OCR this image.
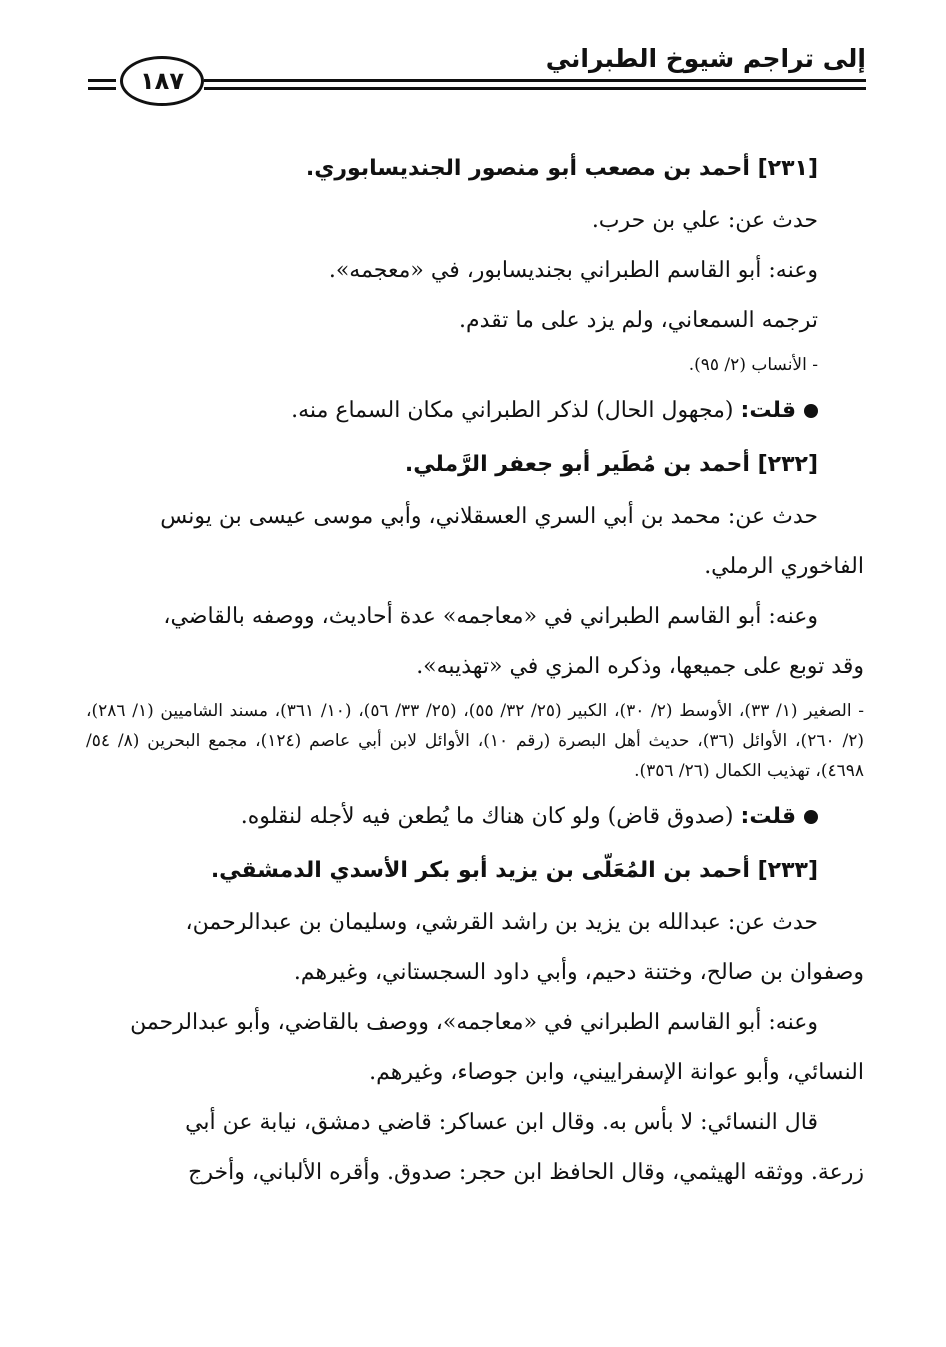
إلى تراجم شيوخ الطبراني
١٨٧

[٢٣١] أحمد بن مصعب أبو منصور الجنديسابوري.

حدث عن: علي بن حرب.

وعنه: أبو القاسم الطبراني بجنديسابور، في «معجمه».

ترجمه السمعاني، ولم يزد على ما تقدم.

- الأنساب (٢/ ٩٥).

قلت: (مجهول الحال) لذكر الطبراني مكان السماع منه.

[٢٣٢] أحمد بن مُطَير أبو جعفر الرَّملي.

حدث عن: محمد بن أبي السري العسقلاني، وأبي موسى عيسى بن يونس

الفاخوري الرملي.

وعنه: أبو القاسم الطبراني في «معاجمه» عدة أحاديث، ووصفه بالقاضي،

وقد توبع على جميعها، وذكره المزي في «تهذيبه».

- الصغير (١/ ٣٣)، الأوسط (٢/ ٣٠)، الكبير (٢٥/ ٣٢/ ٥٥)، (٢٥/ ٣٣/ ٥٦)، (١٠/ ٣٦١)، مسند الشاميين (١/ ٢٨٦)، (٢/ ٢٦٠)، الأوائل (٣٦)، حديث أهل البصرة (رقم ١٠)، الأوائل لابن أبي عاصم (١٢٤)، مجمع البحرين (٨/ ٥٤/ ٤٦٩٨)، تهذيب الكمال (٢٦/ ٣٥٦).

قلت: (صدوق قاض) ولو كان هناك ما يُطعن فيه لأجله لنقلوه.

[٢٣٣] أحمد بن المُعَلّى بن يزيد أبو بكر الأسدي الدمشقي.

حدث عن: عبدالله بن يزيد بن راشد القرشي، وسليمان بن عبدالرحمن،

وصفوان بن صالح، وختنة دحيم، وأبي داود السجستاني، وغيرهم.

وعنه: أبو القاسم الطبراني في «معاجمه»، ووصف بالقاضي، وأبو عبدالرحمن

النسائي، وأبو عوانة الإسفراييني، وابن جوصاء، وغيرهم.

قال النسائي: لا بأس به. وقال ابن عساكر: قاضي دمشق، نيابة عن أبي

زرعة. ووثقه الهيثمي، وقال الحافظ ابن حجر: صدوق. وأقره الألباني، وأخرج
